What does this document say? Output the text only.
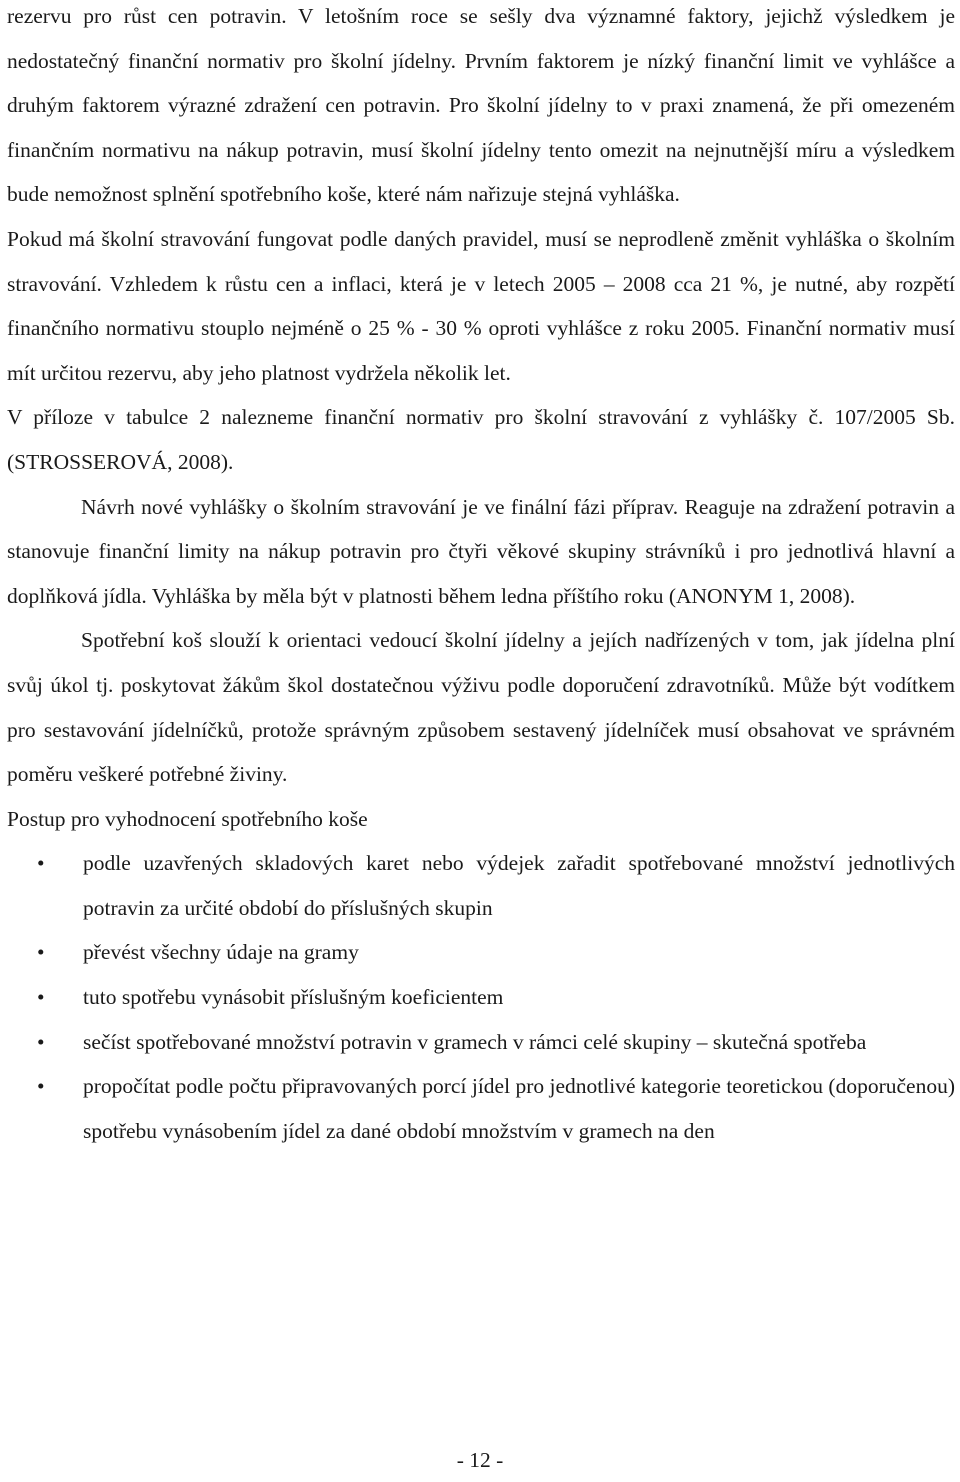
rezervu pro růst cen potravin. V letošním roce se sešly dva významné faktory, jejichž výsledkem je nedostatečný finanční normativ pro školní jídelny. Prvním faktorem je nízký finanční limit ve vyhlášce a druhým faktorem výrazné zdražení cen potravin. Pro školní jídelny to v praxi znamená, že při omezeném finančním normativu na nákup potravin, musí školní jídelny tento omezit na nejnutnější míru a výsledkem bude nemožnost splnění spotřebního koše, které nám nařizuje stejná vyhláška.

Pokud má školní stravování fungovat podle daných pravidel, musí se neprodleně změnit vyhláška o školním stravování. Vzhledem k růstu cen a inflaci, která je v letech 2005 – 2008 cca 21 %, je nutné, aby rozpětí finančního normativu stouplo nejméně o 25 % - 30 % oproti vyhlášce z roku 2005. Finanční normativ musí mít určitou rezervu, aby jeho platnost vydržela několik let.

V příloze v tabulce 2 nalezneme finanční normativ pro školní stravování z vyhlášky č. 107/2005 Sb. (STROSSEROVÁ, 2008).

Návrh nové vyhlášky o školním stravování je ve finální fázi příprav. Reaguje na zdražení potravin a stanovuje finanční limity na nákup potravin pro čtyři věkové skupiny strávníků i pro jednotlivá hlavní a doplňková jídla. Vyhláška by měla být v platnosti během ledna příštího roku (ANONYM 1, 2008).

Spotřební koš slouží k orientaci vedoucí školní jídelny a jejích nadřízených v tom, jak jídelna plní svůj úkol tj. poskytovat žákům škol dostatečnou výživu podle doporučení zdravotníků. Může být vodítkem pro sestavování jídelníčků, protože správným způsobem sestavený jídelníček musí obsahovat ve správném poměru veškeré potřebné živiny.

Postup pro vyhodnocení spotřebního koše

•	podle uzavřených skladových karet nebo výdejek zařadit spotřebované množství jednotlivých potravin za určité období do příslušných skupin
•	převést všechny údaje na gramy
•	tuto spotřebu vynásobit příslušným koeficientem
•	sečíst spotřebované množství potravin v gramech v rámci celé skupiny – skutečná spotřeba
•	propočítat podle počtu připravovaných porcí jídel pro jednotlivé kategorie teoretickou (doporučenou) spotřebu vynásobením jídel za dané období množstvím v gramech na den
- 12 -
